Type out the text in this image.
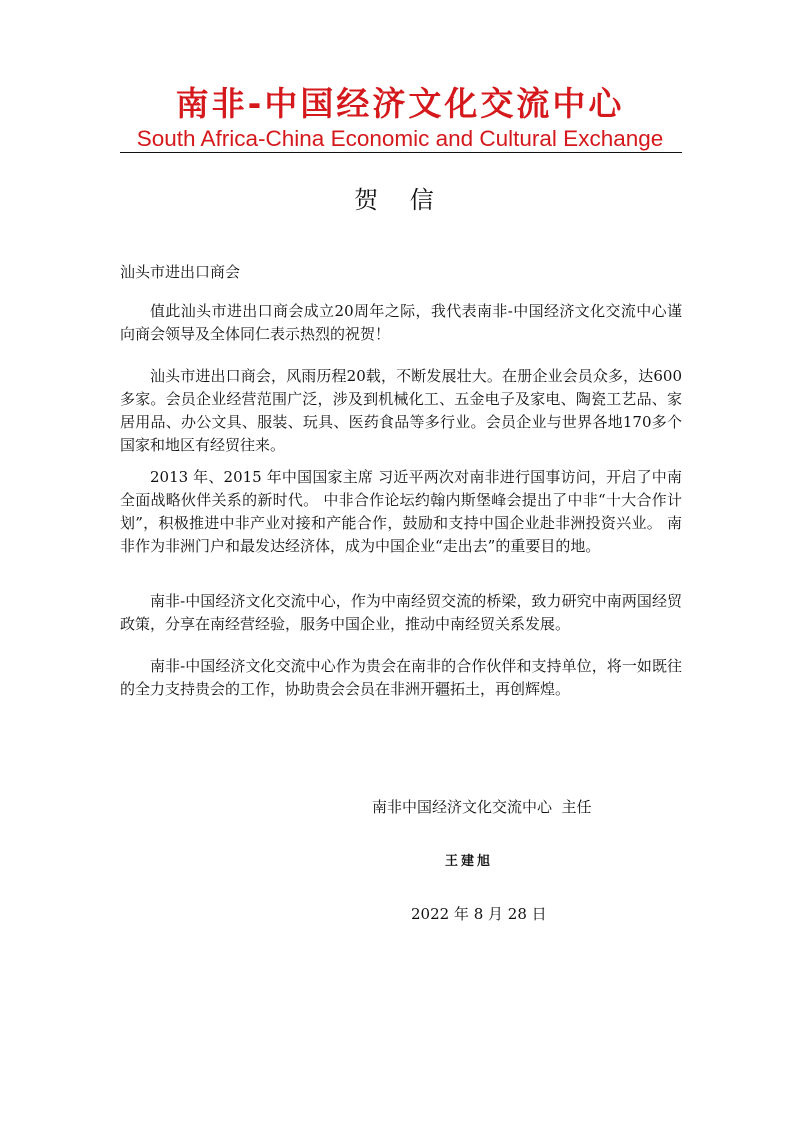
南非-中国经济文化交流中心
South Africa-China Economic and Cultural Exchange
贺 信
汕头市进出口商会
值此汕头市进出口商会成立20周年之际，我代表南非-中国经济文化交流中心谨向商会领导及全体同仁表示热烈的祝贺！
汕头市进出口商会，风雨历程20载，不断发展壮大。在册企业会员众多，达600 多家。会员企业经营范围广泛，涉及到机械化工、五金电子及家电、陶瓷工艺品、家居用品、办公文具、服装、玩具、医药食品等多行业。会员企业与世界各地170多个国家和地区有经贸往来。
2013 年、2015 年中国国家主席 习近平两次对南非进行国事访问，开启了中南全面战略伙伴关系的新时代。 中非合作论坛约翰内斯堡峰会提出了中非“十大合作计划”，积极推进中非产业对接和产能合作，鼓励和支持中国企业赴非洲投资兴业。 南非作为非洲门户和最发达经济体，成为中国企业“走出去”的重要目的地。
南非-中国经济文化交流中心，作为中南经贸交流的桥梁，致力研究中南两国经贸政策，分享在南经营经验，服务中国企业，推动中南经贸关系发展。
南非-中国经济文化交流中心作为贵会在南非的合作伙伴和支持单位，将一如既往的全力支持贵会的工作，协助贵会会员在非洲开疆拓土，再创辉煌。
南非中国经济文化交流中心  主任
王建旭
2022 年 8 月 28 日
